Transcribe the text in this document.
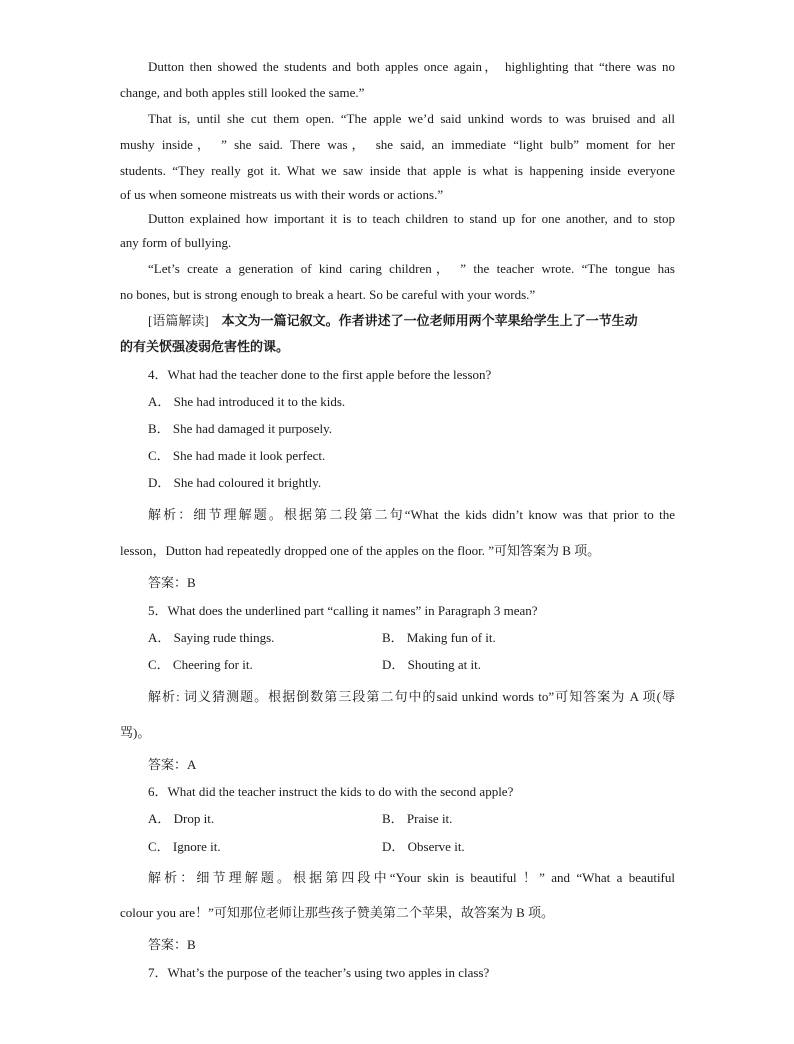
Dutton then showed the students and both apples once again， highlighting that “there was no
change, and both apples still looked the same.”
That is, until she cut them open. “The apple we’d said unkind words to was bruised and all
mushy inside， ” she said. There was， she said, an immediate “light bulb” moment for her
students. “They really got it. What we saw inside that apple is what is happening inside everyone
of us when someone mistreats us with their words or actions.”
Dutton explained how important it is to teach children to stand up for one another, and to stop
any form of bullying.
“Let’s create a generation of kind caring children， ” the teacher wrote. “The tongue has
no bones, but is strong enough to break a heart. So be careful with your words.”
[语篇解读] 本文为一篇记叙文。作者讲述了一位老师用两个苹果给学生上了一节生动
的有关恹强凌弱危害性的课。
4．What had the teacher done to the first apple before the lesson?
A． She had introduced it to the kids.
B． She had damaged it purposely.
C． She had made it look perfect.
D． She had coloured it brightly.
解析：细节理解题。根据第二段第二句“What the kids didn’t know was that prior to the
lesson，Dutton had repeatedly dropped one of the apples on the floor. ”可知答案为 B 项。
答案：B
5．What does the underlined part “calling it names” in Paragraph 3 mean?
A． Saying rude things.	B． Making fun of it.
C． Cheering for it.	D． Shouting at it.
解析: 词义猜测题。根据倒数第三段第二句中的said unkind words to”可知答案为 A 项(辱
骂)。
答案：A
6．What did the teacher instruct the kids to do with the second apple?
A． Drop it.	B． Praise it.
C． Ignore it.	D． Observe it.
解析：细节理解题。根据第四段中“Your skin is beautiful ！” and “What a beautiful
colour you are！”可知那位老师让那些孩子赞美第二个苹果，故答案为 B 项。
答案：B
7．What’s the purpose of the teacher’s using two apples in class?
